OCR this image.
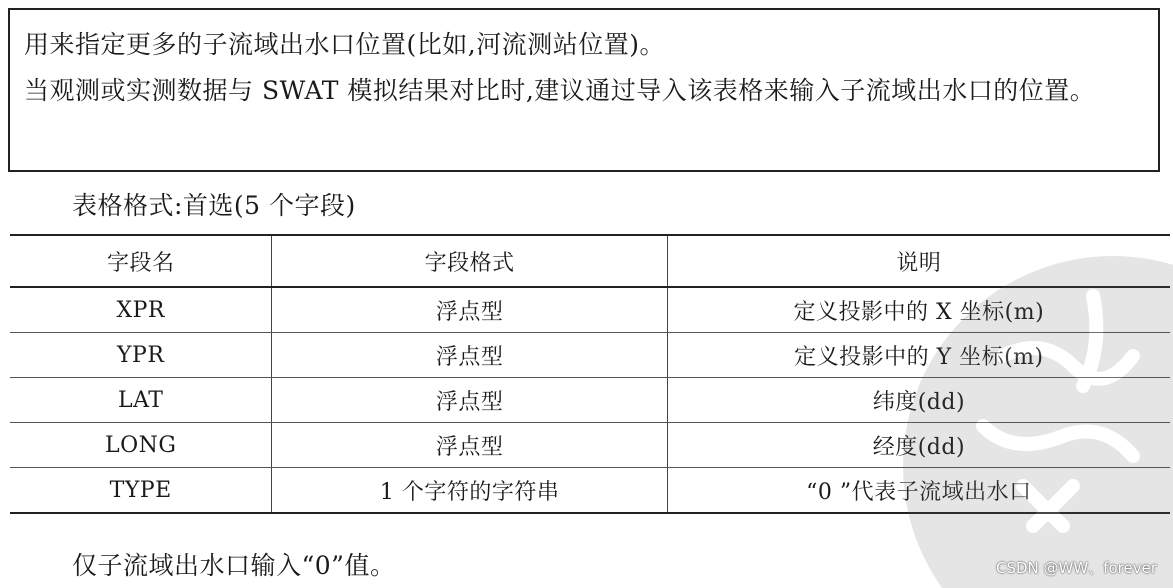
用来指定更多的子流域出水口位置(比如,河流测站位置)。

当观测或实测数据与 SWAT 模拟结果对比时,建议通过导入该表格来输入子流域出水口的位置。

表格格式:首选(5 个字段)
字段名	字段格式	说明
XPR	浮点型	定义投影中的 X 坐标(m)
YPR	浮点型	定义投影中的 Y 坐标(m)
LAT	浮点型	纬度(dd)
LONG	浮点型	经度(dd)
TYPE	1 个字符的字符串	“0 ”代表子流域出水口
仅子流域出水口输入“0”值。	CSDN @WW、forever
